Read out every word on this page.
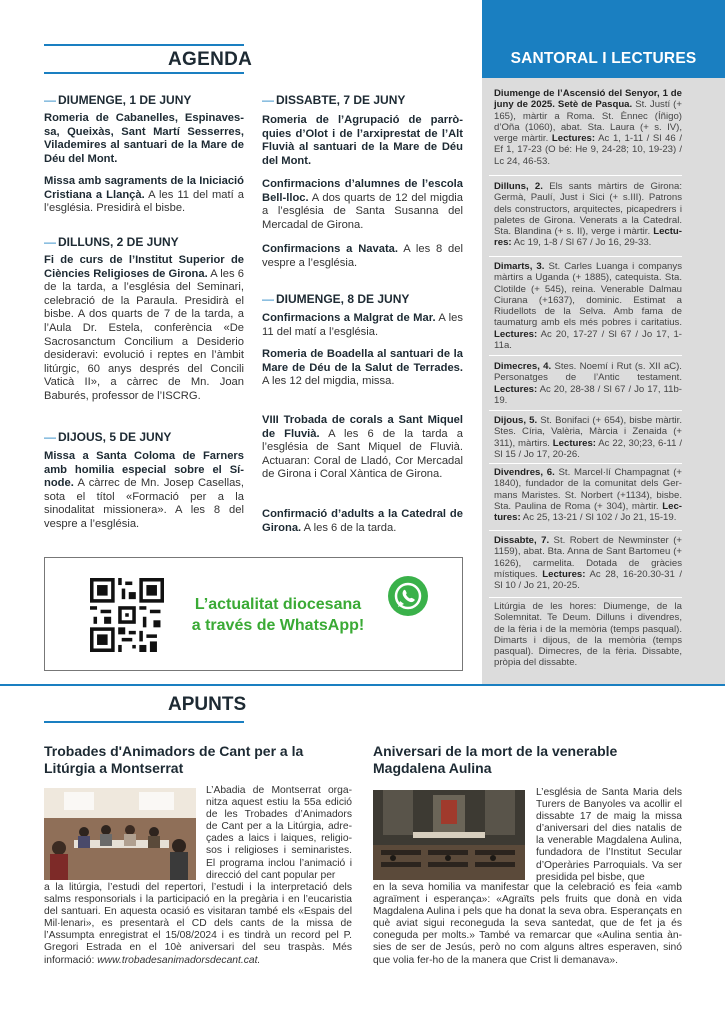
AGENDA	SANTORAL I LECTURES
— DIUMENGE, 1 DE JUNY
Romeria de Cabanelles, Espinavessa, Queixàs, Sant Martí Sesserres, Vilademires al santuari de la Mare de Déu del Mont.
Missa amb sagraments de la Iniciació Cristiana a Llançà. A les 11 del matí a l’església. Presidirà el bisbe.
— DILLUNS, 2 DE JUNY
Fi de curs de l’Institut Superior de Ciències Religioses de Girona. A les 6 de la tarda, a l’església del Seminari, celebració de la Paraula. Presidirà el bisbe. A dos quarts de 7 de la tarda, a l’Aula Dr. Estela, conferència «De Sacrosanctum Concilium a Desiderio desideravi: evolució i reptes en l’àmbit litúrgic, 60 anys després del Concili Vaticà II», a càrrec de Mn. Joan Baburés, professor de l’ISCRG.
— DIJOUS, 5 DE JUNY
Missa a Santa Coloma de Farners amb homilia especial sobre el Sínode. A càrrec de Mn. Josep Casellas, sota el títol «Formació per a la sinodalitat missionera». A les 8 del vespre a l’església.
— DISSABTE, 7 DE JUNY
Romeria de l’Agrupació de parròquies d’Olot i de l’arxiprestat de l’Alt Fluvià al santuari de la Mare de Déu del Mont.
Confirmacions d’alumnes de l’escola Bell-lloc. A dos quarts de 12 del migdia a l’església de Santa Susanna del Mercadal de Girona.
Confirmacions a Navata. A les 8 del vespre a l’església.
— DIUMENGE, 8 DE JUNY
Confirmacions a Malgrat de Mar. A les 11 del matí a l’església.
Romeria de Boadella al santuari de la Mare de Déu de la Salut de Terrades. A les 12 del migdia, missa.
VIII Trobada de corals a Sant Miquel de Fluvià. A les 6 de la tarda a l’església de Sant Miquel de Fluvià. Actuaran: Coral de Lladó, Cor Mercadal de Girona i Coral Xàntica de Girona.
Confirmació d’adults a la Catedral de Girona. A les 6 de la tarda.
Diumenge de l’Ascensió del Senyor, 1 de juny de 2025. Setè de Pasqua. St. Justí (+ 165), màrtir a Roma. St. Ènnec (Íñigo) d’Oña (1060), abat. Sta. Laura (+ s. IV), verge màrtir. Lectures: Ac 1, 1-11 / Sl 46 / Ef 1, 17-23 (O bé: He 9, 24-28; 10, 19-23) / Lc 24, 46-53.
Dilluns, 2. Els sants màrtirs de Girona: Germà, Paulí, Just i Sici (+ s.III). Patrons dels constructors, arquitectes, picapedrers i paletes de Girona. Venerats a la Catedral. Sta. Blandina (+ s. II), verge i màrtir. Lectures: Ac 19, 1-8 / Sl 67 / Jo 16, 29-33.
Dimarts, 3. St. Carles Luanga i companys màrtirs a Uganda (+ 1885), catequista. Sta. Clotilde (+ 545), reina. Venerable Dalmau Ciurana (+1637), dominic. Estimat a Riudellots de la Selva. Amb fama de taumaturg amb els més pobres i caritatius. Lectures: Ac 20, 17-27 / Sl 67 / Jo 17, 1-11a.
Dimecres, 4. Stes. Noemí i Rut (s. XII aC). Personatges de l’Antic testament. Lectures: Ac 20, 28-38 / Sl 67 / Jo 17, 11b-19.
Dijous, 5. St. Bonifaci (+ 654), bisbe màrtir. Stes. Círia, Valèria, Màrcia i Zenaida (+ 311), màrtirs. Lectures: Ac 22, 30;23, 6-11 / Sl 15 / Jo 17, 20-26.
Divendres, 6. St. Marcel·lí Champagnat (+ 1840), fundador de la comunitat dels Germans Maristes. St. Norbert (+1134), bisbe. Sta. Paulina de Roma (+ 304), màrtir. Lectures: Ac 25, 13-21 / Sl 102 / Jo 21, 15-19.
Dissabte, 7. St. Robert de Newminster (+ 1159), abat. Bta. Anna de Sant Bartomeu (+ 1626), carmelita. Dotada de gràcies místiques. Lectures: Ac 28, 16-20.30-31 / Sl 10 / Jo 21, 20-25.
Litúrgia de les hores: Diumenge, de la Solemnitat. Te Deum. Dilluns i divendres, de la fèria i de la memòria (temps pasqual). Dimarts i dijous, de la memòria (temps pasqual). Dimecres, de la fèria. Dissabte, pròpia del dissabte.
L’actualitat diocesana
a través de WhatsApp!
APUNTS
Trobades d'Animadors de Cant per a la Litúrgia a Montserrat
L’Abadia de Montserrat organitza aquest estiu la 55a edició de les Trobades d’Animadors de Cant per a la Litúrgia, adreçades a laics i laiques, religiosos i religioses i seminaristes. El programa inclou l’animació i direcció del cant popular per
a la litúrgia, l’estudi del repertori, l’estudi i la interpretació dels salms responsorials i la participació en la pregària i en l’eucaristia del santuari. En aquesta ocasió es visitaran també els «Espais del Mil·lenari», es presentarà el CD dels cants de la missa de l’Assumpta enregistrat el 15/08/2024 i es tindrà un record pel P. Gregori Estrada en el 10è aniversari del seu traspàs. Més informació: www.trobadesanimadorsdecant.cat.
Aniversari de la mort de la venerable Magdalena Aulina
L’església de Santa Maria dels Turers de Banyoles va acollir el dissabte 17 de maig la missa d’aniversari del dies natalis de la venerable Magdalena Aulina, fundadora de l’Institut Secular d’Operàries Parroquials. Va ser presidida pel bisbe, que
en la seva homilia va manifestar que la celebració es feia «amb agraïment i esperança»: «Agraïts pels fruits que donà en vida Magdalena Aulina i pels que ha donat la seva obra. Esperançats en què aviat sigui reconeguda la seva santedat, que de fet ja és coneguda per molts.» També va remarcar que «Aulina sentia ànsies de ser de Jesús, però no com alguns altres esperaven, sinó que volia fer-ho de la manera que Crist li demanava».
